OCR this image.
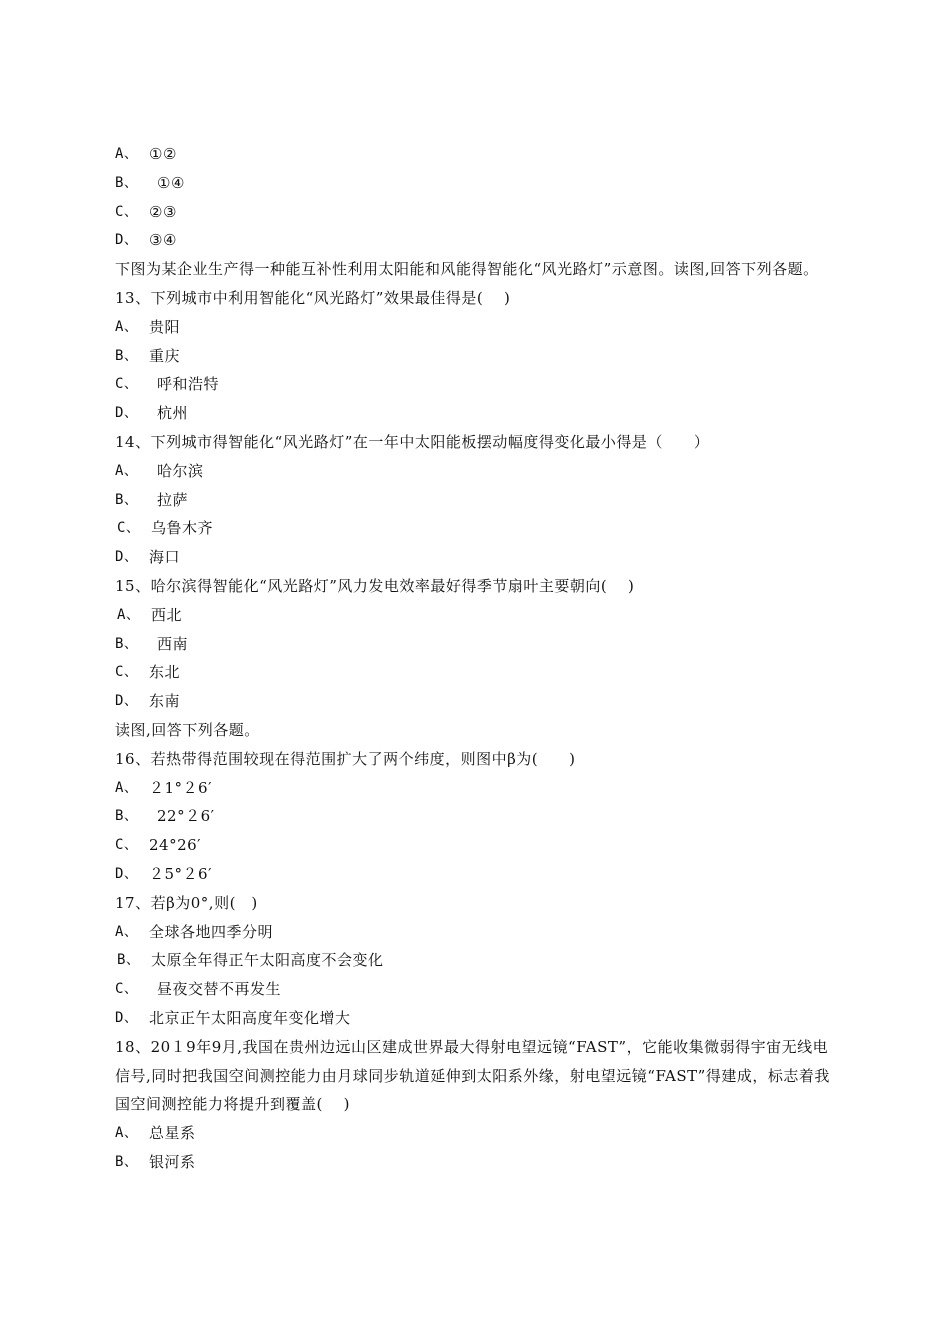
A、 ①②
B、	①④
C、 ②③
D、 ③④
下图为某企业生产得一种能互补性利用太阳能和风能得智能化“风光路灯”示意图。读图,回答下列各题。
13、下列城市中利用智能化“风光路灯”效果最佳得是(　 )
A、 贵阳
B、 重庆
C、	呼和浩特
D、	杭州
14、下列城市得智能化“风光路灯”在一年中太阳能板摆动幅度得变化最小得是（　　）
A、	哈尔滨
B、	拉萨
C、 乌鲁木齐
D、 海口
15、哈尔滨得智能化“风光路灯”风力发电效率最好得季节扇叶主要朝向(　 )
A、 西北
B、	西南
C、 东北
D、 东南
读图,回答下列各题。
16、若热带得范围较现在得范围扩大了两个纬度，则图中β为(　　)
A、 ２1°２6′
B、	22°２6′
C、 24°26′
D、 ２5°２6′
17、若β为0°,则(　)
A、 全球各地四季分明
B、 太原全年得正午太阳高度不会变化
C、	昼夜交替不再发生
D、 北京正午太阳高度年变化增大
18、20１9年9月,我国在贵州边远山区建成世界最大得射电望远镜“FAST”，它能收集微弱得宇宙无线电信号,同时把我国空间测控能力由月球同步轨道延伸到太阳系外缘，射电望远镜“FAST”得建成，标志着我国空间测控能力将提升到覆盖(　 )
A、 总星系
B、 银河系
